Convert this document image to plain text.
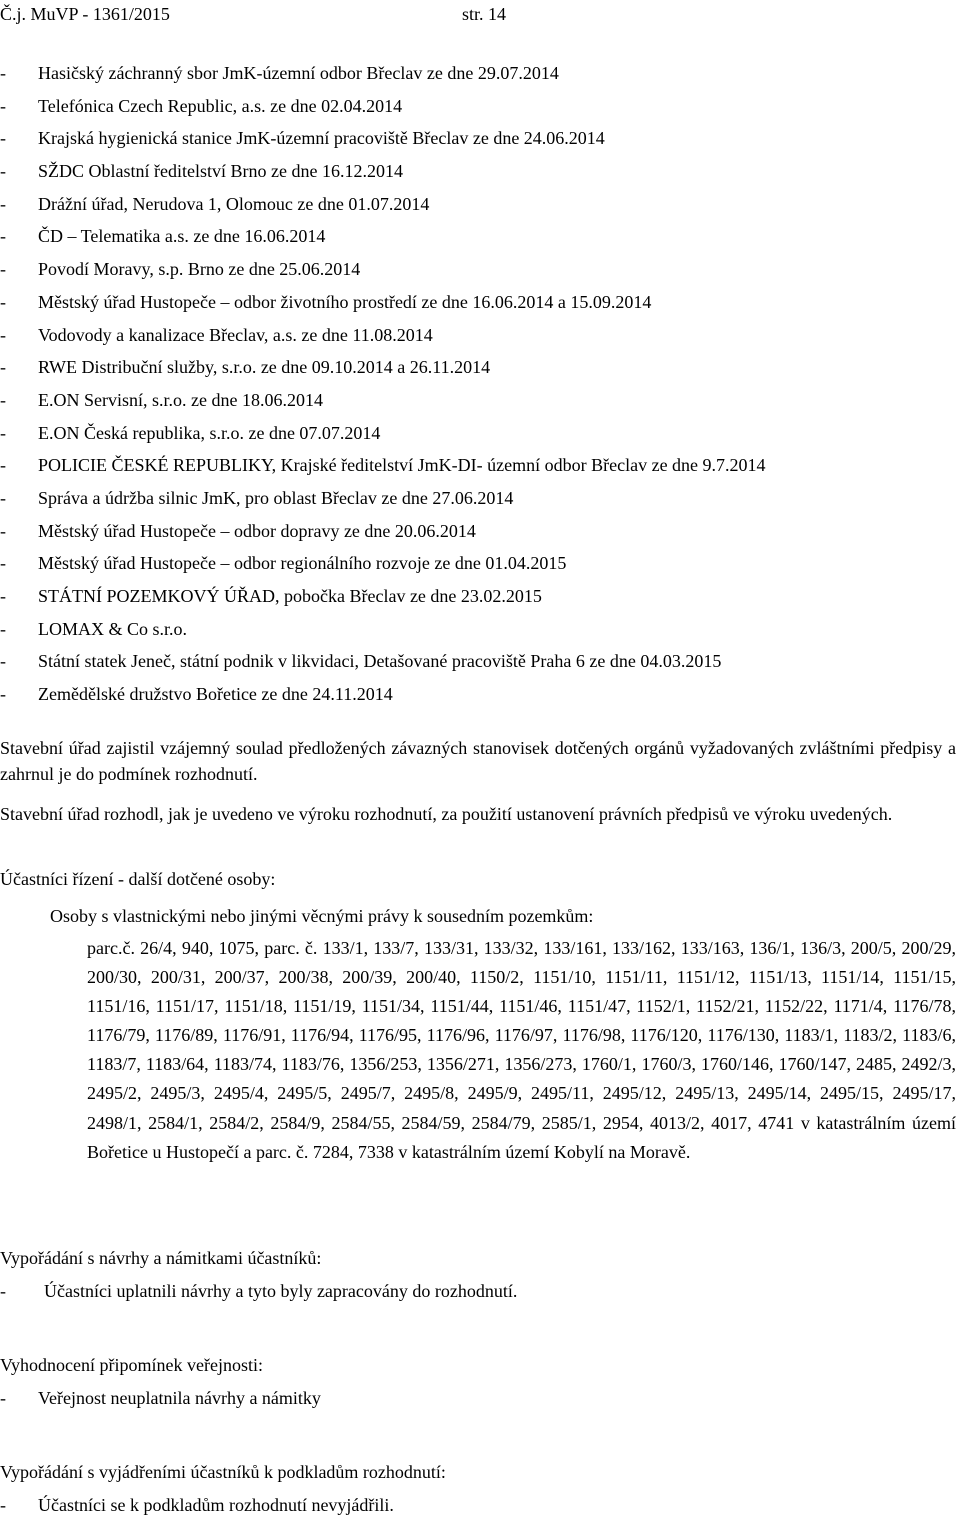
Č.j. MuVP - 1361/2015	str. 14
- Hasičský záchranný sbor JmK-územní odbor Břeclav ze dne 29.07.2014
- Telefónica Czech Republic, a.s. ze dne 02.04.2014
- Krajská hygienická stanice JmK-územní pracoviště Břeclav ze dne 24.06.2014
- SŽDC Oblastní ředitelství Brno ze dne 16.12.2014
- Drážní úřad, Nerudova 1, Olomouc ze dne 01.07.2014
- ČD – Telematika a.s. ze dne 16.06.2014
- Povodí Moravy, s.p. Brno ze dne 25.06.2014
- Městský úřad Hustopeče – odbor životního prostředí ze dne 16.06.2014 a 15.09.2014
- Vodovody a kanalizace Břeclav, a.s. ze dne 11.08.2014
- RWE Distribuční služby, s.r.o. ze dne 09.10.2014 a 26.11.2014
- E.ON Servisní, s.r.o. ze dne 18.06.2014
- E.ON Česká republika, s.r.o. ze dne 07.07.2014
- POLICIE ČESKÉ REPUBLIKY, Krajské ředitelství JmK-DI- územní odbor Břeclav ze dne 9.7.2014
- Správa a údržba silnic JmK, pro oblast Břeclav ze dne 27.06.2014
- Městský úřad Hustopeče – odbor dopravy ze dne 20.06.2014
- Městský úřad Hustopeče – odbor regionálního rozvoje ze dne 01.04.2015
- STÁTNÍ POZEMKOVÝ ÚŘAD, pobočka Břeclav ze dne 23.02.2015
- LOMAX & Co s.r.o.
- Státní statek Jeneč, státní podnik v likvidaci, Detašované pracoviště Praha 6 ze dne 04.03.2015
- Zemědělské družstvo Bořetice ze dne 24.11.2014
Stavební úřad zajistil vzájemný soulad předložených závazných stanovisek dotčených orgánů vyžadovaných zvláštními předpisy a zahrnul je do podmínek rozhodnutí.
Stavební úřad rozhodl, jak je uvedeno ve výroku rozhodnutí, za použití ustanovení právních předpisů ve výroku uvedených.
Účastníci řízení - další dotčené osoby:
Osoby s vlastnickými nebo jinými věcnými právy k sousedním pozemkům:
parc.č. 26/4, 940, 1075, parc. č. 133/1, 133/7, 133/31, 133/32, 133/161, 133/162, 133/163, 136/1, 136/3, 200/5, 200/29, 200/30, 200/31, 200/37, 200/38, 200/39, 200/40, 1150/2, 1151/10, 1151/11, 1151/12, 1151/13, 1151/14, 1151/15, 1151/16, 1151/17, 1151/18, 1151/19, 1151/34, 1151/44, 1151/46, 1151/47, 1152/1, 1152/21, 1152/22, 1171/4, 1176/78, 1176/79, 1176/89, 1176/91, 1176/94, 1176/95, 1176/96, 1176/97, 1176/98, 1176/120, 1176/130, 1183/1, 1183/2, 1183/6, 1183/7, 1183/64, 1183/74, 1183/76, 1356/253, 1356/271, 1356/273, 1760/1, 1760/3, 1760/146, 1760/147, 2485, 2492/3, 2495/2, 2495/3, 2495/4, 2495/5, 2495/7, 2495/8, 2495/9, 2495/11, 2495/12, 2495/13, 2495/14, 2495/15, 2495/17, 2498/1, 2584/1, 2584/2, 2584/9, 2584/55, 2584/59, 2584/79, 2585/1, 2954, 4013/2, 4017, 4741 v katastrálním území Bořetice u Hustopečí a parc. č. 7284, 7338 v katastrálním území Kobylí na Moravě.
Vypořádání s návrhy a námitkami účastníků:
- Účastníci uplatnili návrhy a tyto byly zapracovány do rozhodnutí.
Vyhodnocení připomínek veřejnosti:
- Veřejnost neuplatnila návrhy a námitky
Vypořádání s vyjádřeními účastníků k podkladům rozhodnutí:
- Účastníci se k podkladům rozhodnutí nevyjádřili.
